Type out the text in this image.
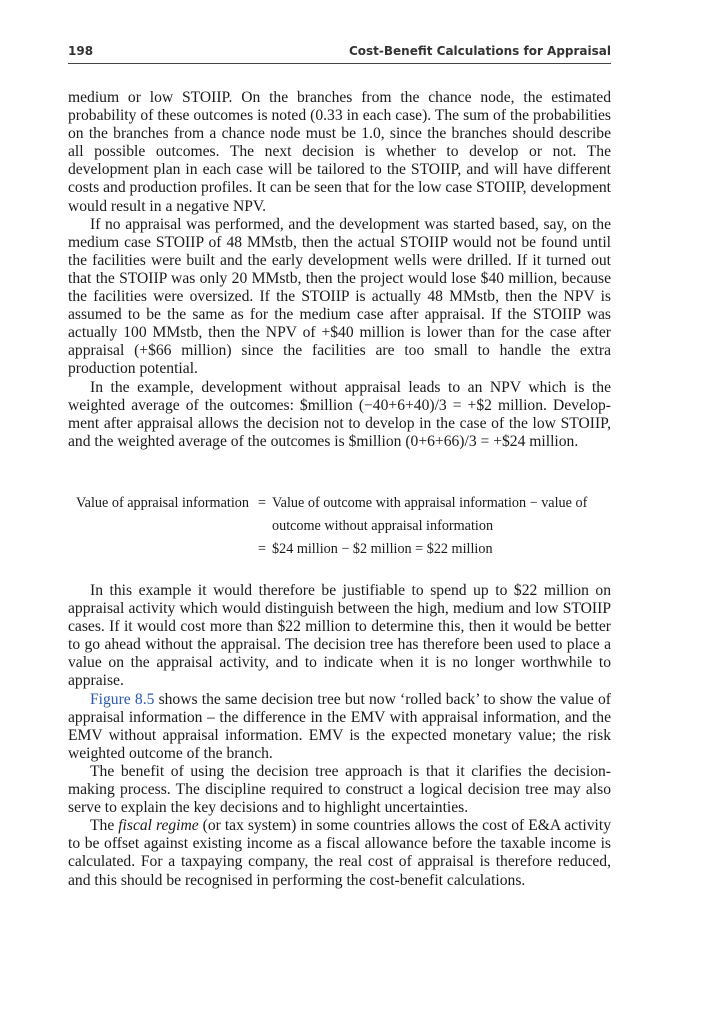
198	Cost-Benefit Calculations for Appraisal

medium or low STOIIP. On the branches from the chance node, the estimated probability of these outcomes is noted (0.33 in each case). The sum of the probabilities on the branches from a chance node must be 1.0, since the branches should describe all possible outcomes. The next decision is whether to develop or not. The development plan in each case will be tailored to the STOIIP, and will have different costs and production profiles. It can be seen that for the low case STOIIP, development would result in a negative NPV.

If no appraisal was performed, and the development was started based, say, on the medium case STOIIP of 48 MMstb, then the actual STOIIP would not be found until the facilities were built and the early development wells were drilled. If it turned out that the STOIIP was only 20 MMstb, then the project would lose $40 million, because the facilities were oversized. If the STOIIP is actually 48 MMstb, then the NPV is assumed to be the same as for the medium case after appraisal. If the STOIIP was actually 100 MMstb, then the NPV of +$40 million is lower than for the case after appraisal (+$66 million) since the facilities are too small to handle the extra production potential.

In the example, development without appraisal leads to an NPV which is the weighted average of the outcomes: $million (−40+6+40)/3 = +$2 million. Development after appraisal allows the decision not to develop in the case of the low STOIIP, and the weighted average of the outcomes is $million (0+6+66)/3 = +$24 million.

Value of appraisal information = Value of outcome with appraisal information − value of
outcome without appraisal information
= $24 million − $2 million = $22 million

In this example it would therefore be justifiable to spend up to $22 million on appraisal activity which would distinguish between the high, medium and low STOIIP cases. If it would cost more than $22 million to determine this, then it would be better to go ahead without the appraisal. The decision tree has therefore been used to place a value on the appraisal activity, and to indicate when it is no longer worthwhile to appraise.

Figure 8.5 shows the same decision tree but now ‘rolled back’ to show the value of appraisal information – the difference in the EMV with appraisal information, and the EMV without appraisal information. EMV is the expected monetary value; the risk weighted outcome of the branch.

The benefit of using the decision tree approach is that it clarifies the decision-making process. The discipline required to construct a logical decision tree may also serve to explain the key decisions and to highlight uncertainties.

The fiscal regime (or tax system) in some countries allows the cost of E&A activity to be offset against existing income as a fiscal allowance before the taxable income is calculated. For a taxpaying company, the real cost of appraisal is therefore reduced, and this should be recognised in performing the cost-benefit calculations.
